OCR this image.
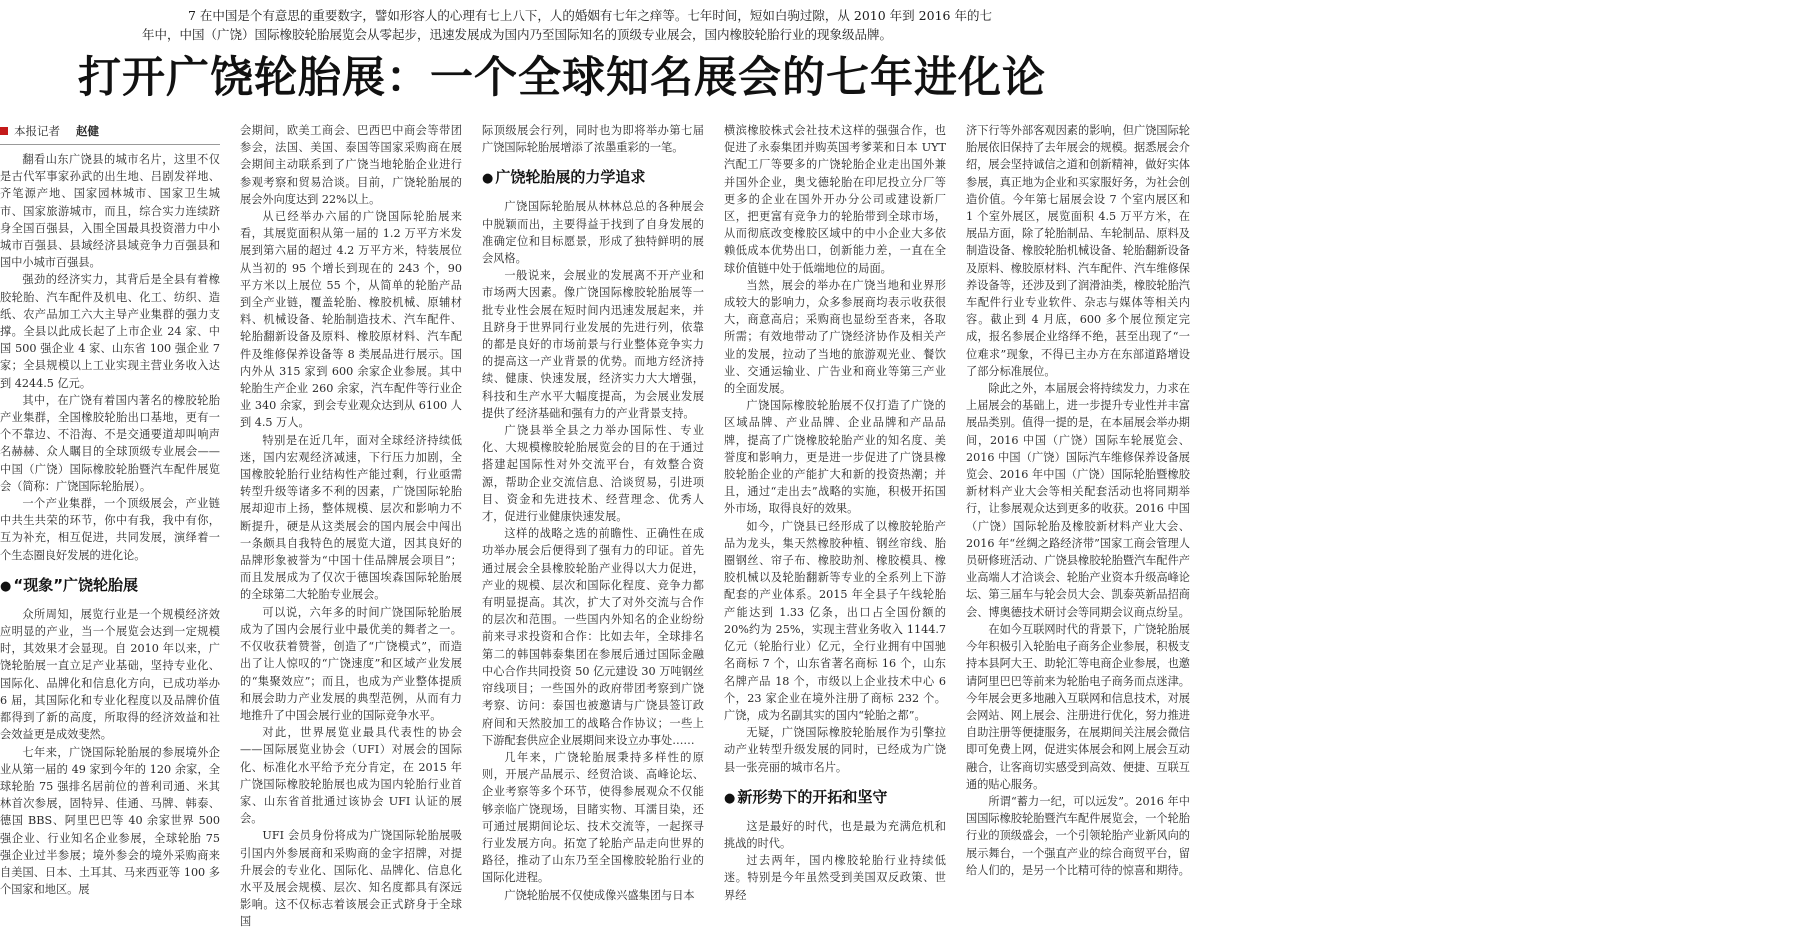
7 在中国是个有意思的重要数字，譬如形容人的心理有七上八下，人的婚姻有七年之痒等。七年时间，短如白驹过隙，从 2010 年到 2016 年的七

年中，中国（广饶）国际橡胶轮胎展览会从零起步，迅速发展成为国内乃至国际知名的顶级专业展会，国内橡胶轮胎行业的现象级品牌。

打开广饶轮胎展：一个全球知名展会的七年进化论
本报记者 赵健

翻看山东广饶县的城市名片，这里不仅是古代军事家孙武的出生地、吕剧发祥地、齐笔源产地、国家园林城市、国家卫生城市、国家旅游城市，而且，综合实力连续跻身全国百强县，入围全国最具投资潜力中小城市百强县、县域经济县域竞争力百强县和国中小城市百强县。

强劲的经济实力，其背后是全县有着橡胶轮胎、汽车配件及机电、化工、纺织、造纸、农产品加工六大主导产业集群的强力支撑。全县以此成长起了上市企业 24 家、中国 500 强企业 4 家、山东省 100 强企业 7 家；全县规模以上工业实现主营业务收入达到 4244.5 亿元。

其中，在广饶有着国内著名的橡胶轮胎产业集群，全国橡胶轮胎出口基地，更有一个不靠边、不沿海、不是交通要道却叫响声名赫赫、众人瞩目的全球顶级专业展会——中国（广饶）国际橡胶轮胎暨汽车配件展览会（简称：广饶国际轮胎展）。

一个产业集群，一个顶级展会，产业链中共生共荣的环节，你中有我，我中有你，互为补充，相互促进，共同发展，演绎着一个生态圈良好发展的进化论。

● “现象”广饶轮胎展

众所周知，展览行业是一个规模经济效应明显的产业，当一个展览会达到一定规模时，其效果才会显现。自 2010 年以来，广饶轮胎展一直立足产业基础，坚持专业化、国际化、品牌化和信息化方向，已成功举办 6 届，其国际化和专业化程度以及品牌价值都得到了新的高度，所取得的经济效益和社会效益更是成效斐然。

七年来，广饶国际轮胎展的参展境外企业从第一届的 49 家到今年的 120 余家，全球轮胎 75 强排名居前位的普利司通、米其林首次参展，固特异、佳通、马牌、韩泰、德国 BBS、阿里巴巴等 40 余家世界 500 强企业、行业知名企业参展，全球轮胎 75 强企业过半参展；境外参会的境外采购商来自美国、日本、土耳其、马来西亚等 100 多个国家和地区。展

会期间，欧美工商会、巴西巴中商会等带团参会，法国、美国、泰国等国家采购商在展会期间主动联系到了广饶当地轮胎企业进行参观考察和贸易洽谈。目前，广饶轮胎展的展会外向度达到 22%以上。

从已经举办六届的广饶国际轮胎展来看，其展览面积从第一届的 1.2 万平方米发展到第六届的超过 4.2 万平方米，特装展位从当初的 95 个增长到现在的 243 个，90 平方米以上展位 55 个，从简单的轮胎产品到全产业链，覆盖轮胎、橡胶机械、原辅材料、机械设备、轮胎制造技术、汽车配件、轮胎翻新设备及原料、橡胶原材料、汽车配件及维修保养设备等 8 类展品进行展示。国内外从 315 家到 600 余家企业参展。其中轮胎生产企业 260 余家，汽车配件等行业企业 340 余家，到会专业观众达到从 6100 人到 4.5 万人。

特别是在近几年，面对全球经济持续低迷，国内宏观经济减速，下行压力加剧，全国橡胶轮胎行业结构性产能过剩，行业亟需转型升级等诸多不利的因素，广饶国际轮胎展却迎市上扬，整体规模、层次和影响力不断提升，硬是从这类展会的国内展会中闯出一条颇具自我特色的展览大道，因其良好的品牌形象被誉为“中国十佳品牌展会项目”；而且发展成为了仅次于德国埃森国际轮胎展的全球第二大轮胎专业展会。

可以说，六年多的时间广饶国际轮胎展成为了国内会展行业中最优美的舞者之一。不仅收获着赞誉，创造了“广饶模式”，而造出了让人惊叹的“广饶速度”和区域产业发展的“集聚效应”；而且，也成为产业整体提质和展会助力产业发展的典型范例，从而有力地推升了中国会展行业的国际竞争水平。

对此，世界展览业最具代表性的协会——国际展览业协会（UFI）对展会的国际化、标准化水平给予充分肯定，在 2015 年广饶国际橡胶轮胎展也成为国内轮胎行业首家、山东省首批通过该协会 UFI 认证的展会。

UFI 会员身份将成为广饶国际轮胎展吸引国内外参展商和采购商的金字招牌，对提升展会的专业化、国际化、品牌化、信息化水平及展会规模、层次、知名度都具有深远影响。这不仅标志着该展会正式跻身于全球国

际顶级展会行列，同时也为即将举办第七届广饶国际轮胎展增添了浓墨重彩的一笔。

● 广饶轮胎展的力学追求

广饶国际轮胎展从林林总总的各种展会中脱颖而出，主要得益于找到了自身发展的准确定位和目标愿景，形成了独特鲜明的展会风格。

一般说来，会展业的发展离不开产业和市场两大因素。像广饶国际橡胶轮胎展等一批专业性会展在短时间内迅速发展起来，并且跻身于世界同行业发展的先进行列，依靠的都是良好的市场前景与行业整体竞争实力的提高这一产业背景的优势。而地方经济持续、健康、快速发展，经济实力大大增强，科技和生产水平大幅度提高，为会展业发展提供了经济基础和强有力的产业背景支持。

广饶县举全县之力举办国际性、专业化、大规模橡胶轮胎展览会的目的在于通过搭建起国际性对外交流平台，有效整合资源，帮助企业交流信息、洽谈贸易，引进项目、资金和先进技术、经营理念、优秀人才，促进行业健康快速发展。

这样的战略之选的前瞻性、正确性在成功举办展会后便得到了强有力的印证。首先通过展会全县橡胶轮胎产业得以大力促进，产业的规模、层次和国际化程度、竞争力都有明显提高。其次，扩大了对外交流与合作的层次和范围。一些国内外知名的企业纷纷前来寻求投资和合作：比如去年，全球排名第二的韩国韩泰集团在参展后通过国际金融中心合作共同投资 50 亿元建设 30 万吨钢丝帘线项目；一些国外的政府带团考察到广饶考察、访问：泰国也被邀请与广饶县签订政府间和天然胶加工的战略合作协议；一些上下游配套供应企业展期间来设立办事处……

几年来，广饶轮胎展秉持多样性的原则，开展产品展示、经贸洽谈、高峰论坛、企业考察等多个环节，使得参展观众不仅能够亲临广饶现场，目睹实物、耳濡目染，还可通过展期间论坛、技术交流等，一起探寻行业发展方向。拓宽了轮胎产品走向世界的路径，推动了山东乃至全国橡胶轮胎行业的国际化进程。

广饶轮胎展不仅使成像兴盛集团与日本

横滨橡胶株式会社技术这样的强强合作，也促进了永泰集团并购英国考爹莱和日本 UYT 汽配工厂等要多的广饶轮胎企业走出国外兼并国外企业，奥戈德轮胎在印尼投立分厂等更多的企业在国外开办分公司或建设新厂区，把更富有竞争力的轮胎带到全球市场，从而彻底改变橡胶区域中的中小企业大多依赖低成本优势出口，创新能力差，一直在全球价值链中处于低端地位的局面。

当然，展会的举办在广饶当地和业界形成较大的影响力，众多参展商均表示收获很大，商意高启；采购商也显纷至沓来，各取所需；有效地带动了广饶经济协作及相关产业的发展，拉动了当地的旅游观光业、餐饮业、交通运输业、广告业和商业等第三产业的全面发展。

广饶国际橡胶轮胎展不仅打造了广饶的区域品牌、产业品牌、企业品牌和产品品牌，提高了广饶橡胶轮胎产业的知名度、美誉度和影响力，更是进一步促进了广饶县橡胶轮胎企业的产能扩大和新的投资热潮；并且，通过“走出去”战略的实施，积极开拓国外市场，取得良好的效果。

如今，广饶县已经形成了以橡胶轮胎产品为龙头，集天然橡胶种植、钢丝帘线、胎圈钢丝、帘子布、橡胶助剂、橡胶模具、橡胶机械以及轮胎翻新等专业的全系列上下游配套的产业体系。2015 年全县子午线轮胎产能达到 1.33 亿条，出口占全国份额的 20%约为 25%，实现主营业务收入 1144.7 亿元（轮胎行业）亿元，全行业拥有中国驰名商标 7 个，山东省著名商标 16 个，山东名牌产品 18 个，市级以上企业技术中心 6 个，23 家企业在境外注册了商标 232 个。广饶，成为名副其实的国内“轮胎之都”。

无疑，广饶国际橡胶轮胎展作为引擎拉动产业转型升级发展的同时，已经成为广饶县一张亮丽的城市名片。

● 新形势下的开拓和坚守

这是最好的时代，也是最为充满危机和挑战的时代。

过去两年，国内橡胶轮胎行业持续低迷。特别是今年虽然受到美国双反政策、世界经

济下行等外部客观因素的影响，但广饶国际轮胎展依旧保持了去年展会的规模。据悉展会介绍，展会坚持诚信之道和创新精神，做好实体参展，真正地为企业和买家服好务，为社会创造价值。今年第七届展会设 7 个室内展区和 1 个室外展区，展览面积 4.5 万平方米，在展品方面，除了轮胎制品、车轮制品、原料及制造设备、橡胶轮胎机械设备、轮胎翻新设备及原料、橡胶原材料、汽车配件、汽车维修保养设备等，还涉及到了润滑油类，橡胶轮胎汽车配件行业专业软件、杂志与媒体等相关内容。截止到 4 月底，600 多个展位预定完成，报名参展企业络绎不绝，甚至出现了“一位难求”现象，不得已主办方在东部道路增设了部分标准展位。

除此之外，本届展会将持续发力，力求在上届展会的基础上，进一步提升专业性并丰富展品类别。值得一提的是，在本届展会举办期间，2016 中国（广饶）国际车轮展览会、2016 中国（广饶）国际汽车维修保养设备展览会、2016 年中国（广饶）国际轮胎暨橡胶新材料产业大会等相关配套活动也将同期举行，让参展观众达到更多的收获。2016 中国（广饶）国际轮胎及橡胶新材料产业大会、2016 年“丝绸之路经济带”国家工商会管理人员研修班活动、广饶县橡胶轮胎暨汽车配件产业高端人才洽谈会、轮胎产业资本升级高峰论坛、第三届车与轮会员大会、凯泰英新品招商会、博奥德技术研讨会等同期会议商点纷呈。

在如今互联网时代的背景下，广饶轮胎展今年积极引入轮胎电子商务企业参展，积极支持本县阿大王、助轮汇等电商企业参展，也邀请阿里巴巴等前来为轮胎电子商务而点迷津。今年展会更多地融入互联网和信息技术，对展会网站、网上展会、注册进行优化，努力推进自助注册等便捷服务，在展期间关注展会微信即可免费上网，促进实体展会和网上展会互动融合，让客商切实感受到高效、便捷、互联互通的贴心服务。

所谓“蓄力一纪，可以远发”。2016 年中国国际橡胶轮胎暨汽车配件展览会，一个轮胎行业的顶级盛会，一个引领轮胎产业新风向的展示舞台，一个强直产业的综合商贸平台，留给人们的，是另一个比精可待的惊喜和期待。
